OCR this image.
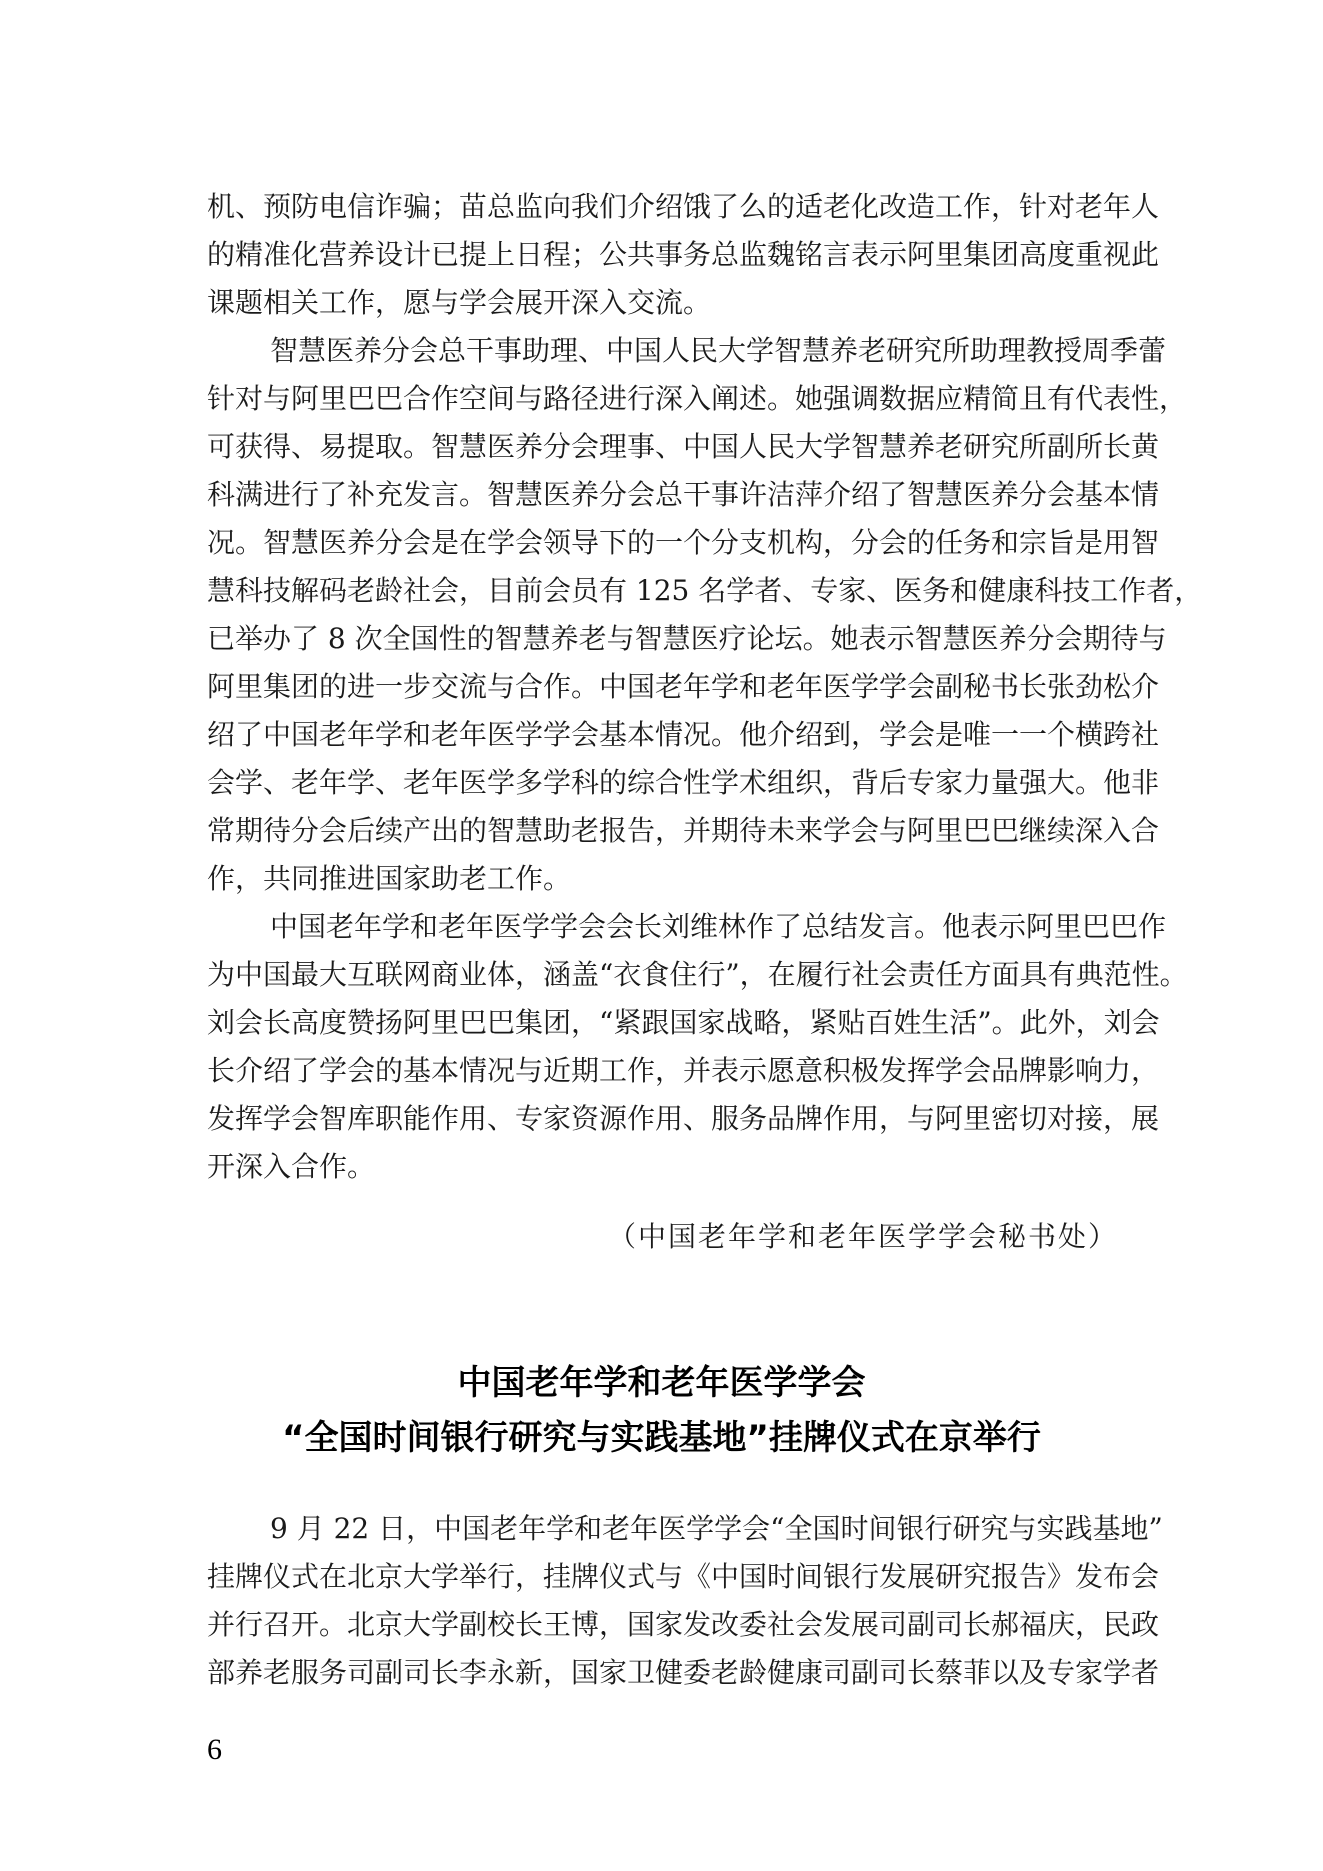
机、预防电信诈骗；苗总监向我们介绍饿了么的适老化改造工作，针对老年人
的精准化营养设计已提上日程；公共事务总监魏铭言表示阿里集团高度重视此
课题相关工作，愿与学会展开深入交流。
智慧医养分会总干事助理、中国人民大学智慧养老研究所助理教授周季蕾
针对与阿里巴巴合作空间与路径进行深入阐述。她强调数据应精简且有代表性，
可获得、易提取。智慧医养分会理事、中国人民大学智慧养老研究所副所长黄
科满进行了补充发言。智慧医养分会总干事许洁萍介绍了智慧医养分会基本情
况。智慧医养分会是在学会领导下的一个分支机构，分会的任务和宗旨是用智
慧科技解码老龄社会，目前会员有 125 名学者、专家、医务和健康科技工作者，
已举办了 8 次全国性的智慧养老与智慧医疗论坛。她表示智慧医养分会期待与
阿里集团的进一步交流与合作。中国老年学和老年医学学会副秘书长张劲松介
绍了中国老年学和老年医学学会基本情况。他介绍到，学会是唯一一个横跨社
会学、老年学、老年医学多学科的综合性学术组织，背后专家力量强大。他非
常期待分会后续产出的智慧助老报告，并期待未来学会与阿里巴巴继续深入合
作，共同推进国家助老工作。
中国老年学和老年医学学会会长刘维林作了总结发言。他表示阿里巴巴作
为中国最大互联网商业体，涵盖“衣食住行”，在履行社会责任方面具有典范性。
刘会长高度赞扬阿里巴巴集团，“紧跟国家战略，紧贴百姓生活”。此外，刘会
长介绍了学会的基本情况与近期工作，并表示愿意积极发挥学会品牌影响力，
发挥学会智库职能作用、专家资源作用、服务品牌作用，与阿里密切对接，展
开深入合作。
（中国老年学和老年医学学会秘书处）
中国老年学和老年医学学会
“全国时间银行研究与实践基地”挂牌仪式在京举行
9 月 22 日，中国老年学和老年医学学会“全国时间银行研究与实践基地”
挂牌仪式在北京大学举行，挂牌仪式与《中国时间银行发展研究报告》发布会
并行召开。北京大学副校长王博，国家发改委社会发展司副司长郝福庆，民政
部养老服务司副司长李永新，国家卫健委老龄健康司副司长蔡菲以及专家学者
6
